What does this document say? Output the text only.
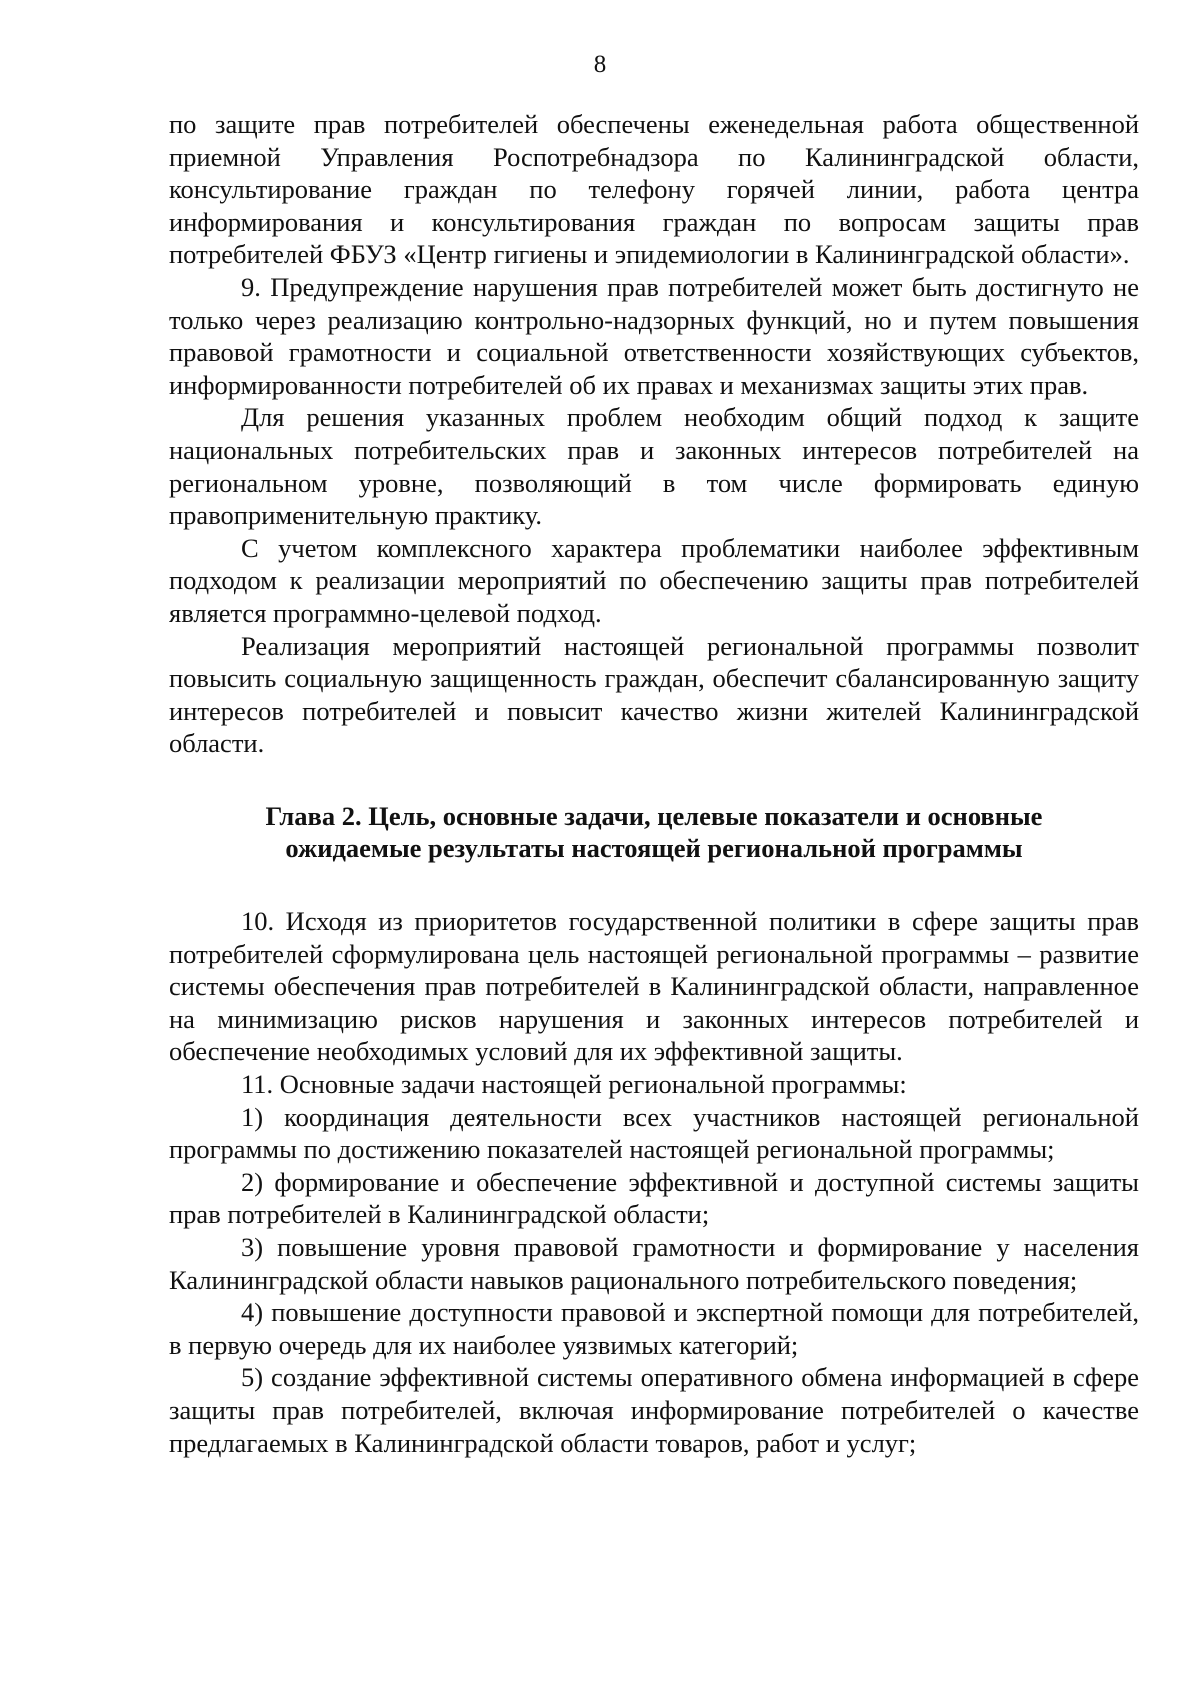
8

по защите прав потребителей обеспечены еженедельная работа общественной приемной Управления Роспотребнадзора по Калининградской области, консультирование граждан по телефону горячей линии, работа центра информирования и консультирования граждан по вопросам защиты прав потребителей ФБУЗ «Центр гигиены и эпидемиологии в Калининградской области».

9. Предупреждение нарушения прав потребителей может быть достигнуто не только через реализацию контрольно-надзорных функций, но и путем повышения правовой грамотности и социальной ответственности хозяйствующих субъектов, информированности потребителей об их правах и механизмах защиты этих прав.

Для решения указанных проблем необходим общий подход к защите национальных потребительских прав и законных интересов потребителей на региональном уровне, позволяющий в том числе формировать единую правоприменительную практику.

С учетом комплексного характера проблематики наиболее эффективным подходом к реализации мероприятий по обеспечению защиты прав потребителей является программно-целевой подход.

Реализация мероприятий настоящей региональной программы позволит повысить социальную защищенность граждан, обеспечит сбалансированную защиту интересов потребителей и повысит качество жизни жителей Калининградской области.

Глава 2. Цель, основные задачи, целевые показатели и основные
ожидаемые результаты настоящей региональной программы

10. Исходя из приоритетов государственной политики в сфере защиты прав потребителей сформулирована цель настоящей региональной программы – развитие системы обеспечения прав потребителей в Калининградской области, направленное на минимизацию рисков нарушения и законных интересов потребителей и обеспечение необходимых условий для их эффективной защиты.

11. Основные задачи настоящей региональной программы:

1) координация деятельности всех участников настоящей региональной программы по достижению показателей настоящей региональной программы;

2) формирование и обеспечение эффективной и доступной системы защиты прав потребителей в Калининградской области;

3) повышение уровня правовой грамотности и формирование у населения Калининградской области навыков рационального потребительского поведения;

4) повышение доступности правовой и экспертной помощи для потребителей, в первую очередь для их наиболее уязвимых категорий;

5) создание эффективной системы оперативного обмена информацией в сфере защиты прав потребителей, включая информирование потребителей о качестве предлагаемых в Калининградской области товаров, работ и услуг;
